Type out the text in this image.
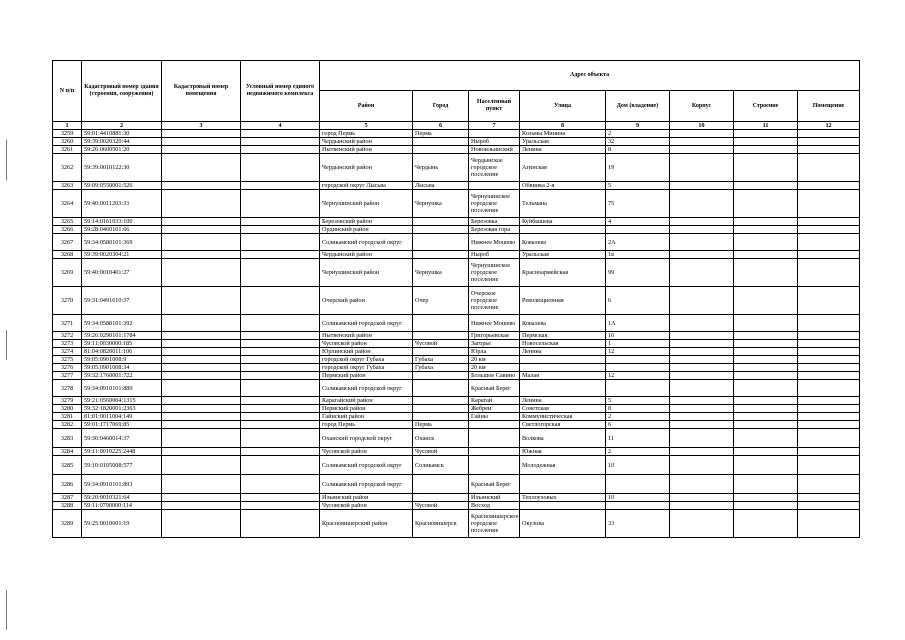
N п/п	Кадастровый номер здания (строения, сооружения)	Кадастровый номер помещения	Условный номер единого недвижимого комплекса	Адрес объекта							
				Район	Город	Населенный пункт	Улица	Дом (владение)	Корпус	Строение	Помещение
1	2	3	4	5	6	7	8	9	10	11	12
3259	59:01:4410881:30			город Пермь	Пермь		Козьмы Минина	2			
3260	59:39:0020320:44			Чердынский район		Ныроб	Уральская	32			
3261	59:26:0600501:20			Нытвенский район		Новоильинский	Ленина	8			
3262	59:39:0010122:30			Чердынский район	Чердынь	Чердынское городское поселение	Агинская	19			
3263	59:09:0550001:526			городской округ Лысьва	Лысьва		Обвинка 2-я	5			
3264	59:40:0011203:33			Чернушинский район	Чернушка	Чернушинское городское поселение	Тельмана	75			
3265	59:14:0161033:100			Березовский район		Березовка	Куйбышева	4			
3266	59:28:0460101:66			Ординский район		Березовая гора					
3267	59:34:0580101:369			Соликамский городской округ		Нижнее Мошево	Ковалева	2А			
3268	59:39:0020304:21			Чердынский район		Ныроб	Уральская	1в			
3269	59:40:0010401:27			Чернушинский район	Чернушка	Чернушинское городское поселение	Красноармейская	99			
3270	59:31:0491610:37			Очерский район	Очер	Очерское городское поселение	Революционная	6			
3271	59:34:0580101:392			Соликамский городской округ		Нижнее Мошево	Ковалева	1А			
3272	59:26:0290101:1784			Нытвенский район		Григорьевская	Пермская	16			
3273	59:11:0030000:185			Чусовской район	Чусовой	Загорье	Новосельская	1			
3274	81:04:0820011:106			Юрлинский район		Юрла	Ленина	12			
3275	59:05:0901008:9			городской округ Губаха	Губаха	20 км					
3276	59:05:0901008:34			городской округ Губаха	Губаха	20 км					
3277	59:32:1760001:722			Пермский район		Большое Савино	Малая	12			
3278	59:34:0910101:889			Соликамский городской округ		Красный Берег					
3279	59:21:0560004:1315			Карагайский район		Карагай	Ленина	5			
3280	59:32:1820001:2363			Пермский район		Жебреи	Советская	8			
3281	81:01:0011004:149			Гайнский район		Гайны	Коммунистическая	2			
3282	59:01:1717069:85			город Пермь	Пермь		Светлогорская	6			
3283	59:30:0460014:37			Оханский городской округ	Оханск		Волкова	11			
3284	59:11:0010225:2448			Чусовской район	Чусовой		Южная	2			
3285	59:10:0105008:577			Соликамский городской округ	Соликамск		Молодежная	10			
3286	59:34:0910101:893			Соликамский городской округ		Красный Берег					
3287	59:20:0010321:64			Ильинский район		Ильинский	Теплоуховых	10			
3288	59:11:0790000:114			Чусовской район	Чусовой	Восход					
3289	59:25:0010601:19			Красновишерский район	Красновишерск	Красновишерское городское поселение	Окулова	33			
